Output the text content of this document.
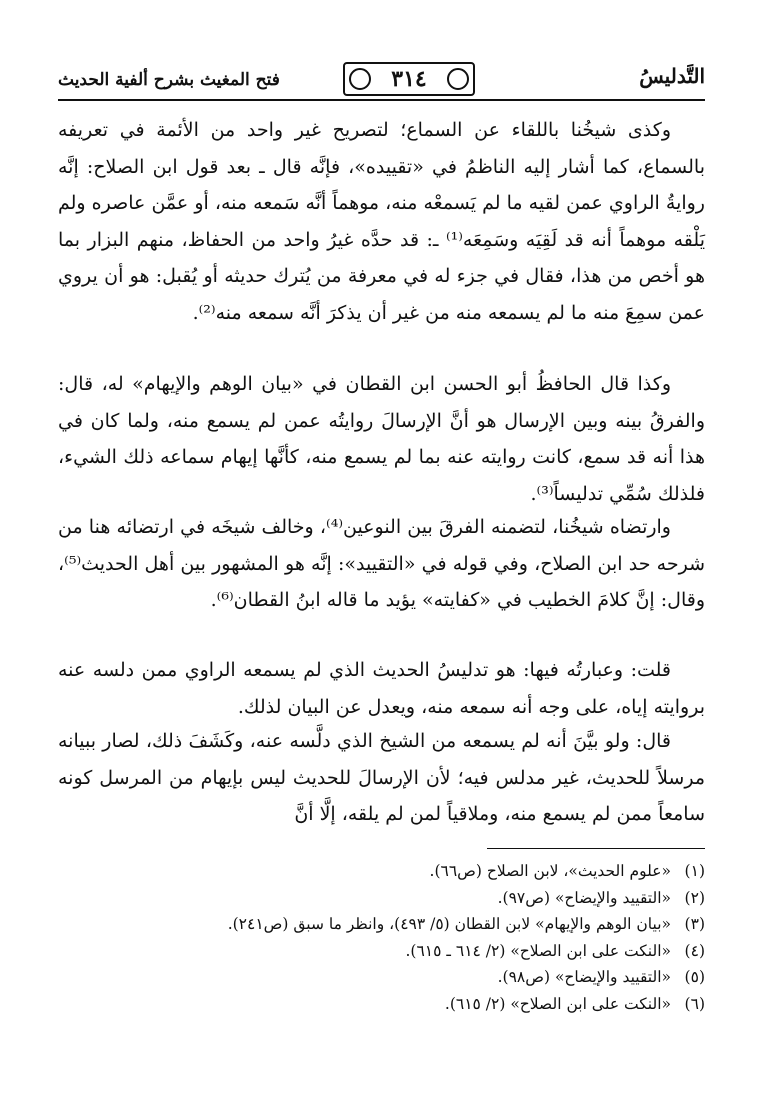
التَّدليسُ
٣١٤
فتح المغيث بشرح ألفية الحديث

وكذى شيخُنا باللقاء عن السماع؛ لتصريح غير واحد من الأئمة في تعريفه بالسماع، كما أشار إليه الناظمُ في «تقييده»، فإنَّه قال ـ بعد قول ابن الصلاح: إنَّه روايةُ الراوي عمن لقيه ما لم يَسمعْه منه، موهماً أنَّه سَمعه منه، أو عمَّن عاصره ولم يَلْقه موهماً أنه قد لَقِيَه وسَمِعَه⁽¹⁾ ـ: قد حدَّه غيرُ واحد من الحفاظ، منهم البزار بما هو أخص من هذا، فقال في جزء له في معرفة من يُترك حديثه أو يُقبل: هو أن يروي عمن سمِعَ منه ما لم يسمعه منه من غير أن يذكرَ أنَّه سمعه منه⁽²⁾.

وكذا قال الحافظُ أبو الحسن ابن القطان في «بيان الوهم والإيهام» له، قال: والفرقُ بينه وبين الإرسال هو أنَّ الإرسالَ روايتُه عمن لم يسمع منه، ولما كان في هذا أنه قد سمع، كانت روايته عنه بما لم يسمع منه، كأنَّها إيهام سماعه ذلك الشيء، فلذلك سُمِّي تدليساً⁽³⁾.

وارتضاه شيخُنا، لتضمنه الفرقَ بين النوعين⁽⁴⁾، وخالف شيخَه في ارتضائه هنا من شرحه حد ابن الصلاح، وفي قوله في «التقييد»: إنَّه هو المشهور بين أهل الحديث⁽⁵⁾، وقال: إنَّ كلامَ الخطيب في «كفايته» يؤيد ما قاله ابنُ القطان⁽⁶⁾.

قلت: وعبارتُه فيها: هو تدليسُ الحديث الذي لم يسمعه الراوي ممن دلسه عنه بروايته إياه، على وجه أنه سمعه منه، ويعدل عن البيان لذلك.

قال: ولو بيَّنَ أنه لم يسمعه من الشيخ الذي دلَّسه عنه، وكَشَفَ ذلك، لصار ببيانه مرسلاً للحديث، غير مدلس فيه؛ لأن الإرسالَ للحديث ليس بإيهام من المرسل كونه سامعاً ممن لم يسمع منه، وملاقياً لمن لم يلقه، إلَّا أنَّ

(١)
«علوم الحديث»، لابن الصلاح (ص٦٦).
(٢)
«التقييد والإيضاح» (ص٩٧).
(٣)
«بيان الوهم والإيهام» لابن القطان (٥/ ٤٩٣)، وانظر ما سبق (ص٢٤١).
(٤)
«النكت على ابن الصلاح» (٢/ ٦١٤ ـ ٦١٥).
(٥)
«التقييد والإيضاح» (ص٩٨).
(٦)
«النكت على ابن الصلاح» (٢/ ٦١٥).
